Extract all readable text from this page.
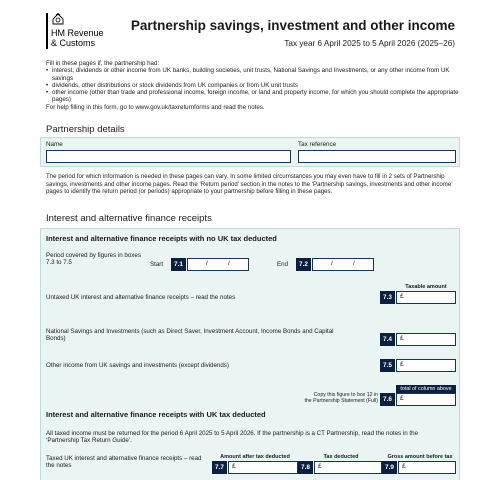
HM Revenue
& Customs
Partnership savings, investment and other income
Tax year 6 April 2025 to 5 April 2026 (2025–26)
Fill in these pages if, the partnership had:
• interest, dividends or other income from UK banks, building societies, unit trusts, National Savings and Investments, or any other income from UK savings
• dividends, other distributions or stock dividends from UK companies or from UK unit trusts
• other income (other than trade and professional income, foreign income, or land and property income, for which you should complete the appropriate pages)
For help filling in this form, go to www.gov.uk/taxreturnforms and read the notes.
Partnership details
Name	Tax reference
The period for which information is needed in these pages can vary. In some limited circumstances you may even have to fill in 2 sets of Partnership savings, investments and other income pages. Read the ‘Return period’ section in the notes to the ‘Partnership savings, investments and other income’ pages to identify the return period (or periods) appropriate to your partnership before filling in these pages.
Interest and alternative finance receipts
Interest and alternative finance receipts with no UK tax deducted
Period covered by figures in boxes 7.3 to 7.5	Start	7.1	/	/	End	7.2	/	/
Taxable amount
Untaxed UK interest and alternative finance receipts – read the notes	7.3	£
National Savings and Investments (such as Direct Saver, Investment Account, Income Bonds and Capital Bonds)	7.4	£
Other income from UK savings and investments (except dividends)	7.5	£
total of column above
Copy this figure to box 12 in
the Partnership Statement (Full) 7.6	£
Interest and alternative finance receipts with UK tax deducted
All taxed income must be returned for the period 6 April 2025 to 5 April 2026. If the partnership is a CT Partnership, read the notes in the ‘Partnership Tax Return Guide’.
Taxed UK interest and alternative finance receipts – read the notes
Amount after tax deducted
7.7	£
Tax deducted
7.8	£
Gross amount before tax
7.9	£
